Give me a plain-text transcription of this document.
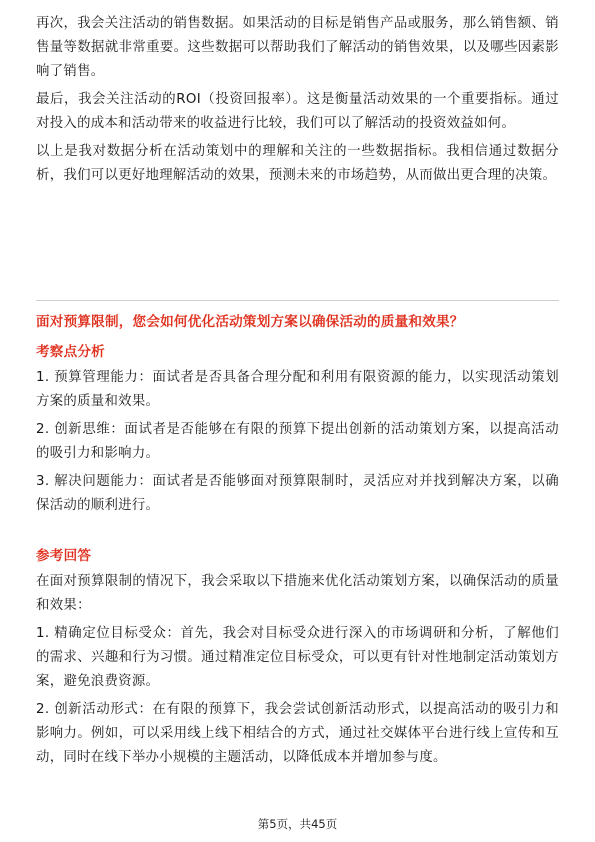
再次，我会关注活动的销售数据。如果活动的目标是销售产品或服务，那么销售额、销售量等数据就非常重要。这些数据可以帮助我们了解活动的销售效果，以及哪些因素影响了销售。

最后，我会关注活动的ROI（投资回报率）。这是衡量活动效果的一个重要指标。通过对投入的成本和活动带来的收益进行比较，我们可以了解活动的投资效益如何。

以上是我对数据分析在活动策划中的理解和关注的一些数据指标。我相信通过数据分析，我们可以更好地理解活动的效果，预测未来的市场趋势，从而做出更合理的决策。

面对预算限制，您会如何优化活动策划方案以确保活动的质量和效果？
考察点分析

1. 预算管理能力：面试者是否具备合理分配和利用有限资源的能力，以实现活动策划方案的质量和效果。

2. 创新思维：面试者是否能够在有限的预算下提出创新的活动策划方案，以提高活动的吸引力和影响力。

3. 解决问题能力：面试者是否能够面对预算限制时，灵活应对并找到解决方案，以确保活动的顺利进行。

参考回答

在面对预算限制的情况下，我会采取以下措施来优化活动策划方案，以确保活动的质量和效果：

1. 精确定位目标受众：首先，我会对目标受众进行深入的市场调研和分析，了解他们的需求、兴趣和行为习惯。通过精准定位目标受众，可以更有针对性地制定活动策划方案，避免浪费资源。

2. 创新活动形式：在有限的预算下，我会尝试创新活动形式，以提高活动的吸引力和影响力。例如，可以采用线上线下相结合的方式，通过社交媒体平台进行线上宣传和互动，同时在线下举办小规模的主题活动，以降低成本并增加参与度。

第5页，共45页
